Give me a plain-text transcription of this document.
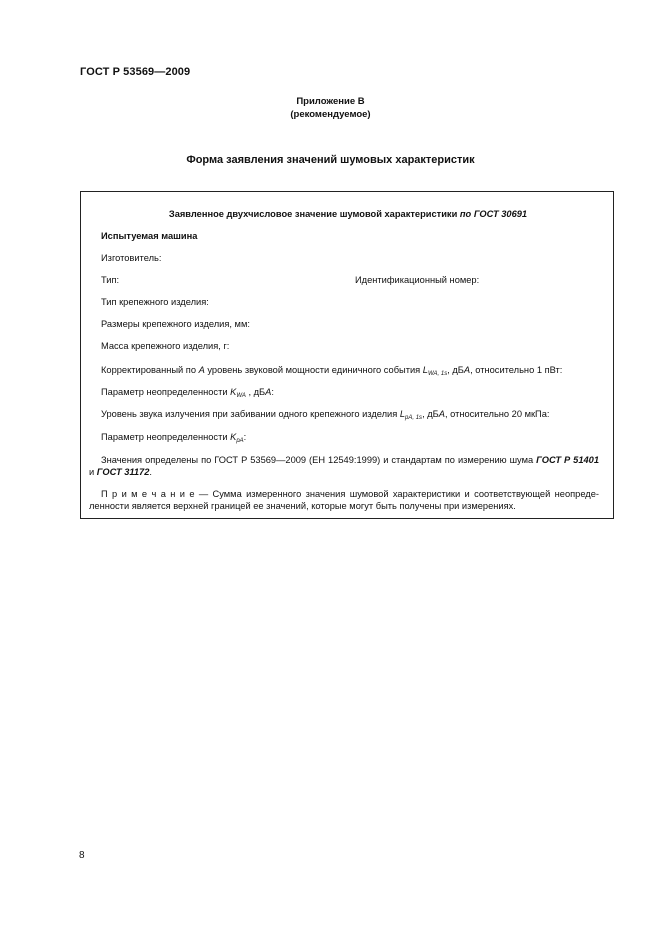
ГОСТ Р 53569—2009
Приложение В
(рекомендуемое)
Форма заявления значений шумовых характеристик
Заявленное двухчисловое значение шумовой характеристики по ГОСТ 30691
Испытуемая машина
Изготовитель:
Тип:	Идентификационный номер:
Тип крепежного изделия:
Размеры крепежного изделия, мм:
Масса крепежного изделия, г:
Корректированный по А уровень звуковой мощности единичного события $L_{WA, 1s}$, дБА, относительно 1 пВт:
Параметр неопределенности $K_{WA}$ , дБА:
Уровень звука излучения при забивании одного крепежного изделия $L_{pA, 1s}$, дБА, относительно 20 мкПа:
Параметр неопределенности $K_{pA}$:
Значения определены по ГОСТ Р 53569—2009 (ЕН 12549:1999) и стандартам по измерению шума ГОСТ Р 51401 и ГОСТ 31172.
П р и м е ч а н и е — Сумма измеренного значения шумовой характеристики и соответствующей неопреде- ленности является верхней границей ее значений, которые могут быть получены при измерениях.
8
